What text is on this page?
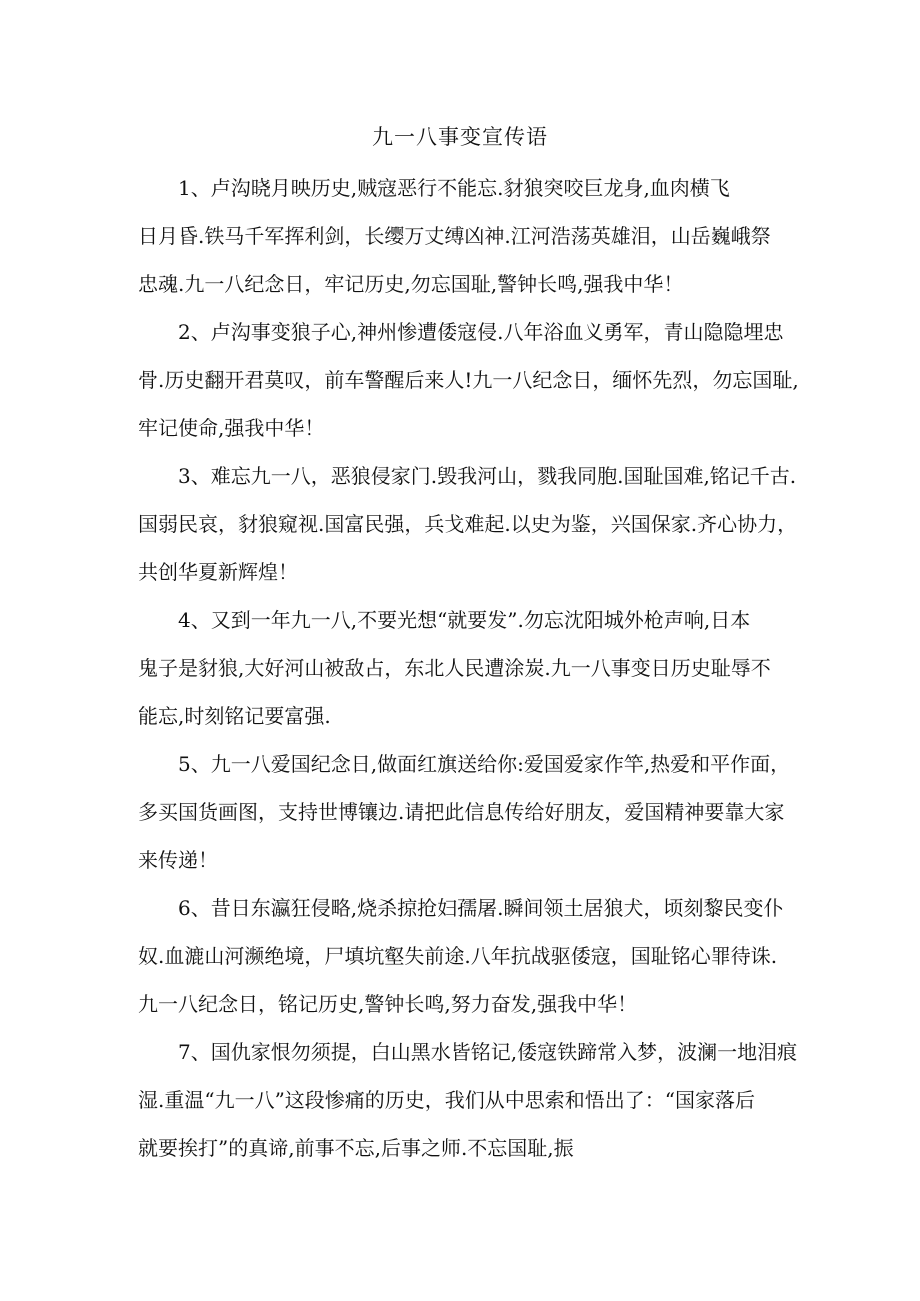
九一八事变宣传语
1、卢沟晓月映历史,贼寇恶行不能忘.豺狼突咬巨龙身,血肉横飞
日月昏.铁马千军挥利剑，长缨万丈缚凶神.江河浩荡英雄泪，山岳巍峨祭
忠魂.九一八纪念日，牢记历史,勿忘国耻,警钟长鸣,强我中华！
2、卢沟事变狼子心,神州惨遭倭寇侵.八年浴血义勇军，青山隐隐埋忠
骨.历史翻开君莫叹，前车警醒后来人!九一八纪念日，缅怀先烈，勿忘国耻,
牢记使命,强我中华！
3、难忘九一八，恶狼侵家门.毁我河山，戮我同胞.国耻国难,铭记千古.
国弱民哀，豺狼窥视.国富民强，兵戈难起.以史为鉴，兴国保家.齐心协力，
共创华夏新辉煌！
4、又到一年九一八,不要光想“就要发”.勿忘沈阳城外枪声响,日本
鬼子是豺狼,大好河山被敌占，东北人民遭涂炭.九一八事变日历史耻辱不
能忘,时刻铭记要富强.
5、九一八爱国纪念日,做面红旗送给你:爱国爱家作竿,热爱和平作面，
多买国货画图，支持世博镶边.请把此信息传给好朋友，爱国精神要靠大家
来传递！
6、昔日东瀛狂侵略,烧杀掠抢妇孺屠.瞬间领土居狼犬，顷刻黎民变仆
奴.血漉山河濒绝境，尸填坑壑失前途.八年抗战驱倭寇，国耻铭心罪待诛.
九一八纪念日，铭记历史,警钟长鸣,努力奋发,强我中华！
7、国仇家恨勿须提，白山黑水皆铭记,倭寇铁蹄常入梦，波澜一地泪痕
湿.重温“九一八”这段惨痛的历史，我们从中思索和悟出了：“国家落后
就要挨打”的真谛,前事不忘,后事之师.不忘国耻,振
